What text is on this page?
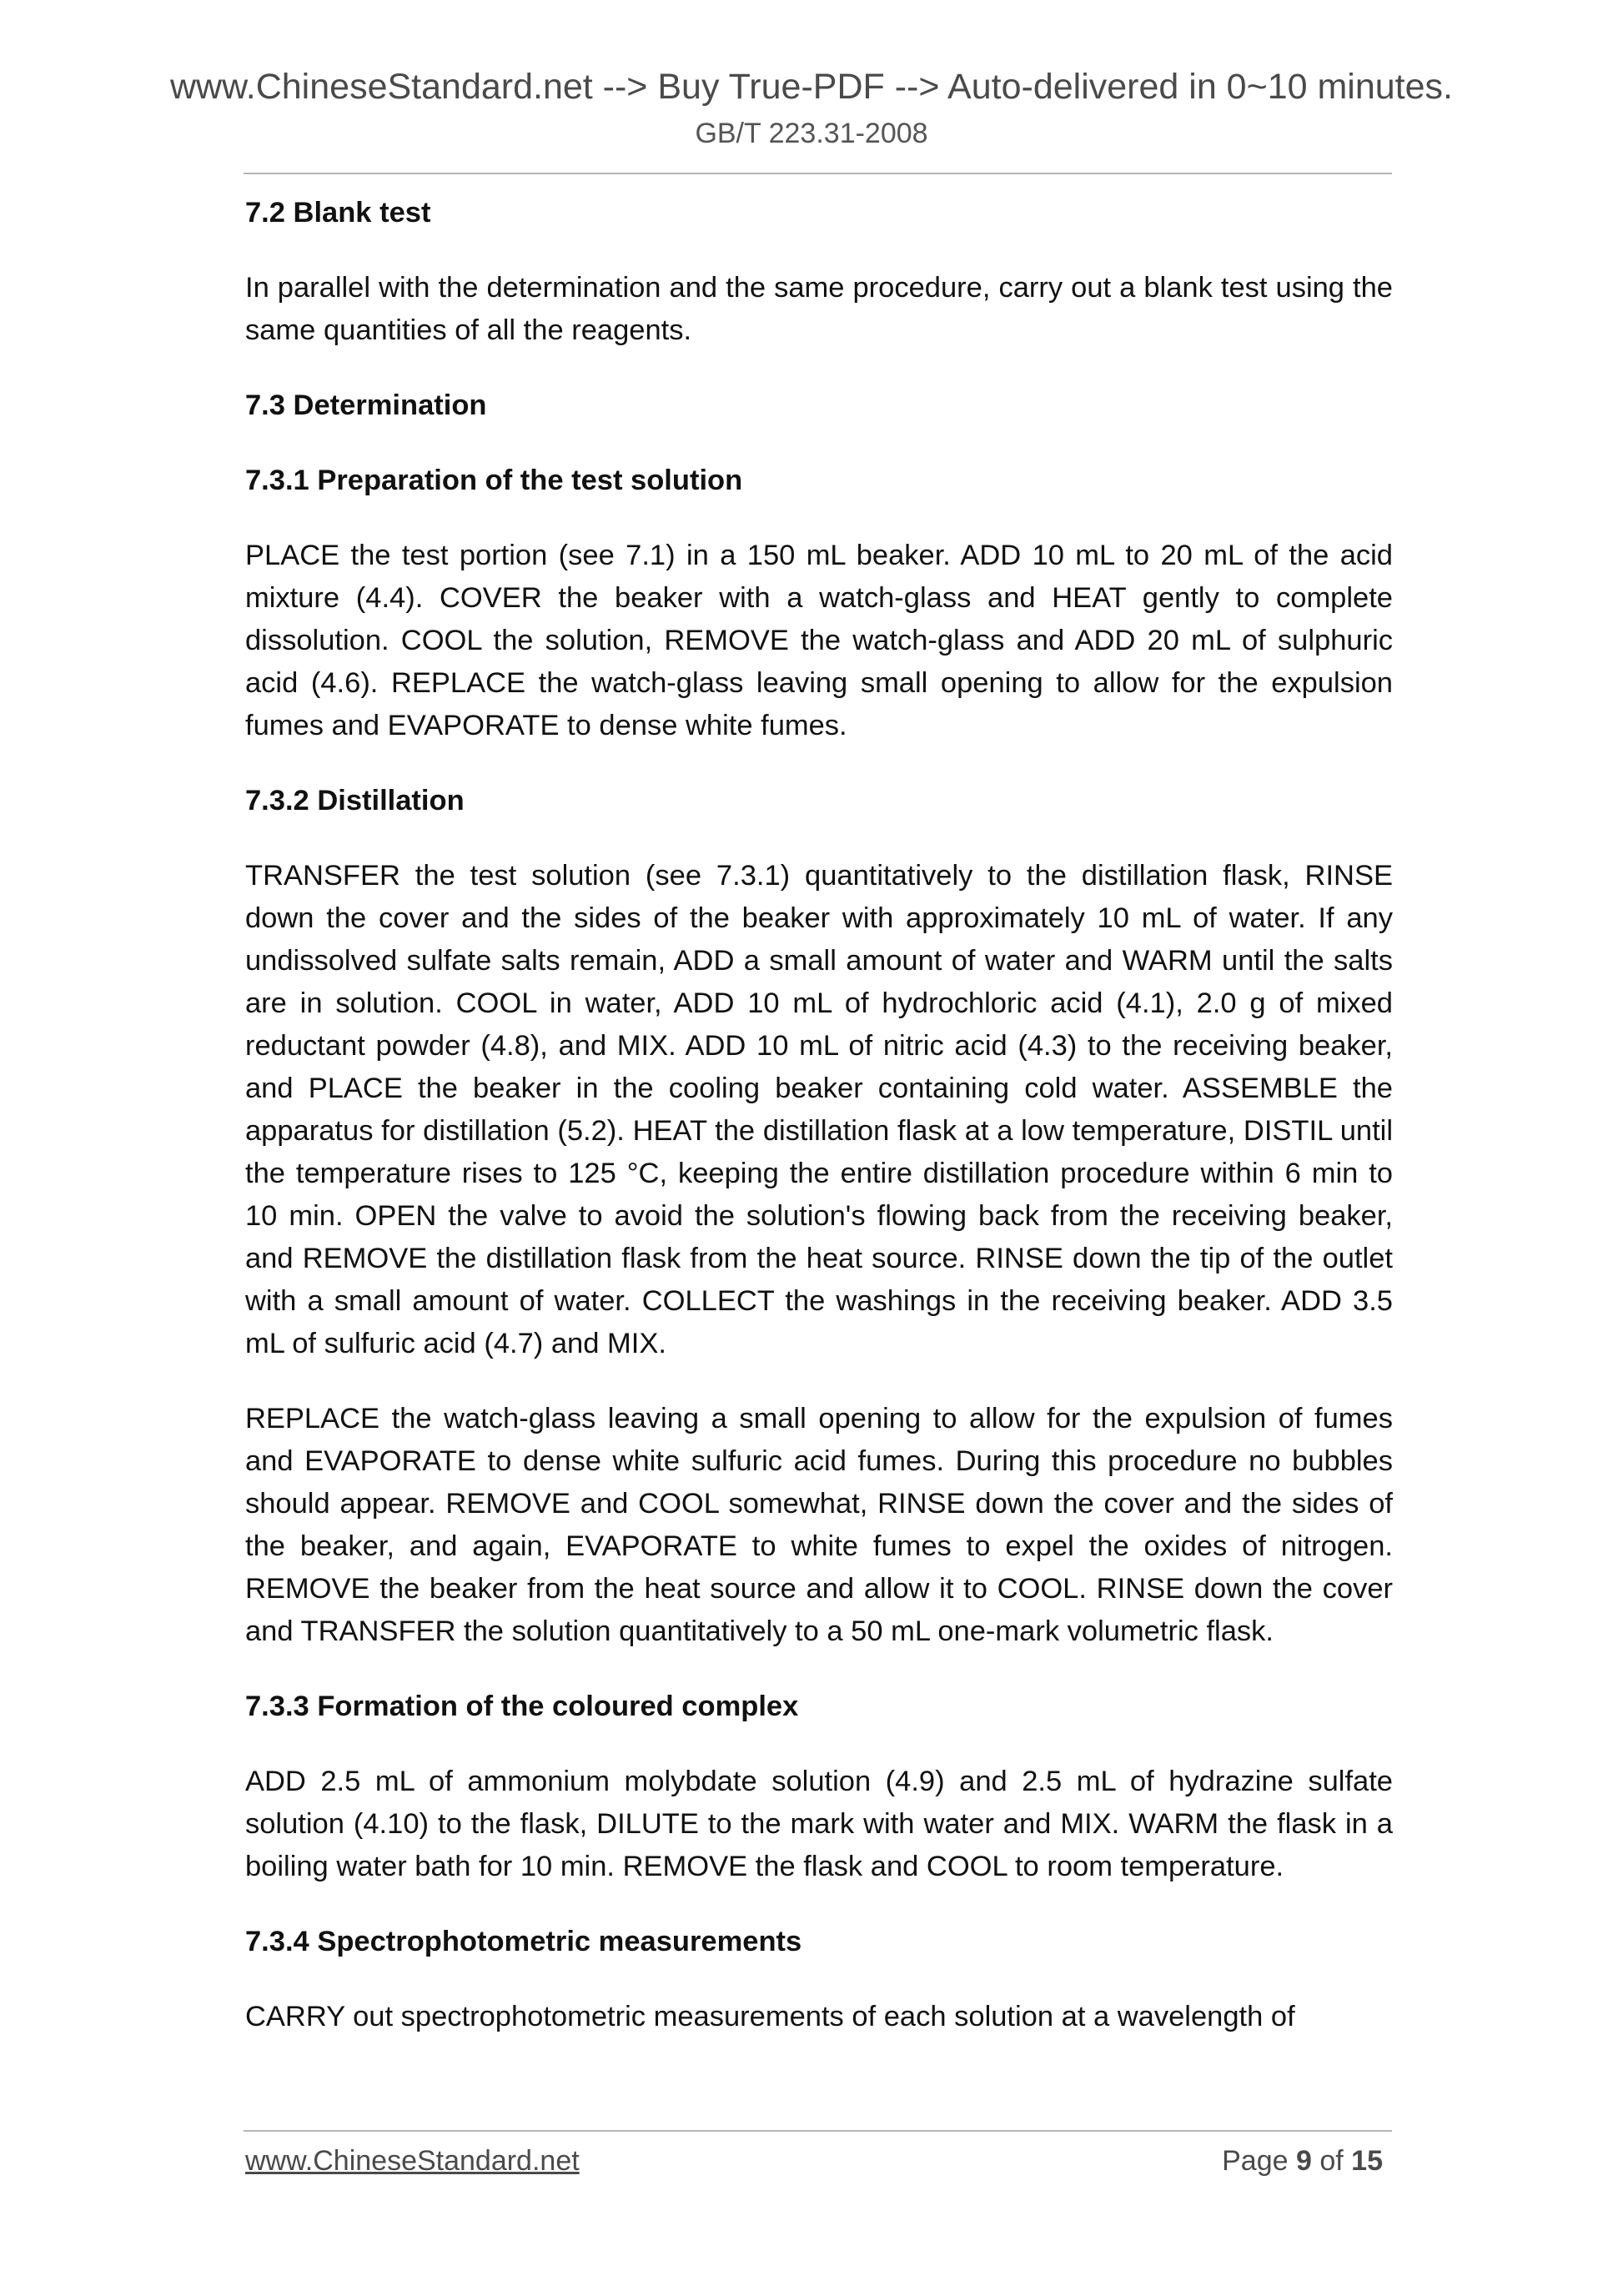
www.ChineseStandard.net --> Buy True-PDF --> Auto-delivered in 0~10 minutes.
GB/T 223.31-2008
7.2 Blank test
In parallel with the determination and the same procedure, carry out a blank test using the same quantities of all the reagents.
7.3 Determination
7.3.1 Preparation of the test solution
PLACE the test portion (see 7.1) in a 150 mL beaker. ADD 10 mL to 20 mL of the acid mixture (4.4). COVER the beaker with a watch-glass and HEAT gently to complete dissolution. COOL the solution, REMOVE the watch-glass and ADD 20 mL of sulphuric acid (4.6). REPLACE the watch-glass leaving small opening to allow for the expulsion fumes and EVAPORATE to dense white fumes.
7.3.2 Distillation
TRANSFER the test solution (see 7.3.1) quantitatively to the distillation flask, RINSE down the cover and the sides of the beaker with approximately 10 mL of water. If any undissolved sulfate salts remain, ADD a small amount of water and WARM until the salts are in solution. COOL in water, ADD 10 mL of hydrochloric acid (4.1), 2.0 g of mixed reductant powder (4.8), and MIX. ADD 10 mL of nitric acid (4.3) to the receiving beaker, and PLACE the beaker in the cooling beaker containing cold water. ASSEMBLE the apparatus for distillation (5.2). HEAT the distillation flask at a low temperature, DISTIL until the temperature rises to 125 °C, keeping the entire distillation procedure within 6 min to 10 min. OPEN the valve to avoid the solution's flowing back from the receiving beaker, and REMOVE the distillation flask from the heat source. RINSE down the tip of the outlet with a small amount of water. COLLECT the washings in the receiving beaker. ADD 3.5 mL of sulfuric acid (4.7) and MIX.
REPLACE the watch-glass leaving a small opening to allow for the expulsion of fumes and EVAPORATE to dense white sulfuric acid fumes. During this procedure no bubbles should appear. REMOVE and COOL somewhat, RINSE down the cover and the sides of the beaker, and again, EVAPORATE to white fumes to expel the oxides of nitrogen. REMOVE the beaker from the heat source and allow it to COOL. RINSE down the cover and TRANSFER the solution quantitatively to a 50 mL one-mark volumetric flask.
7.3.3 Formation of the coloured complex
ADD 2.5 mL of ammonium molybdate solution (4.9) and 2.5 mL of hydrazine sulfate solution (4.10) to the flask, DILUTE to the mark with water and MIX. WARM the flask in a boiling water bath for 10 min. REMOVE the flask and COOL to room temperature.
7.3.4 Spectrophotometric measurements
CARRY out spectrophotometric measurements of each solution at a wavelength of
www.ChineseStandard.net	Page 9 of 15
